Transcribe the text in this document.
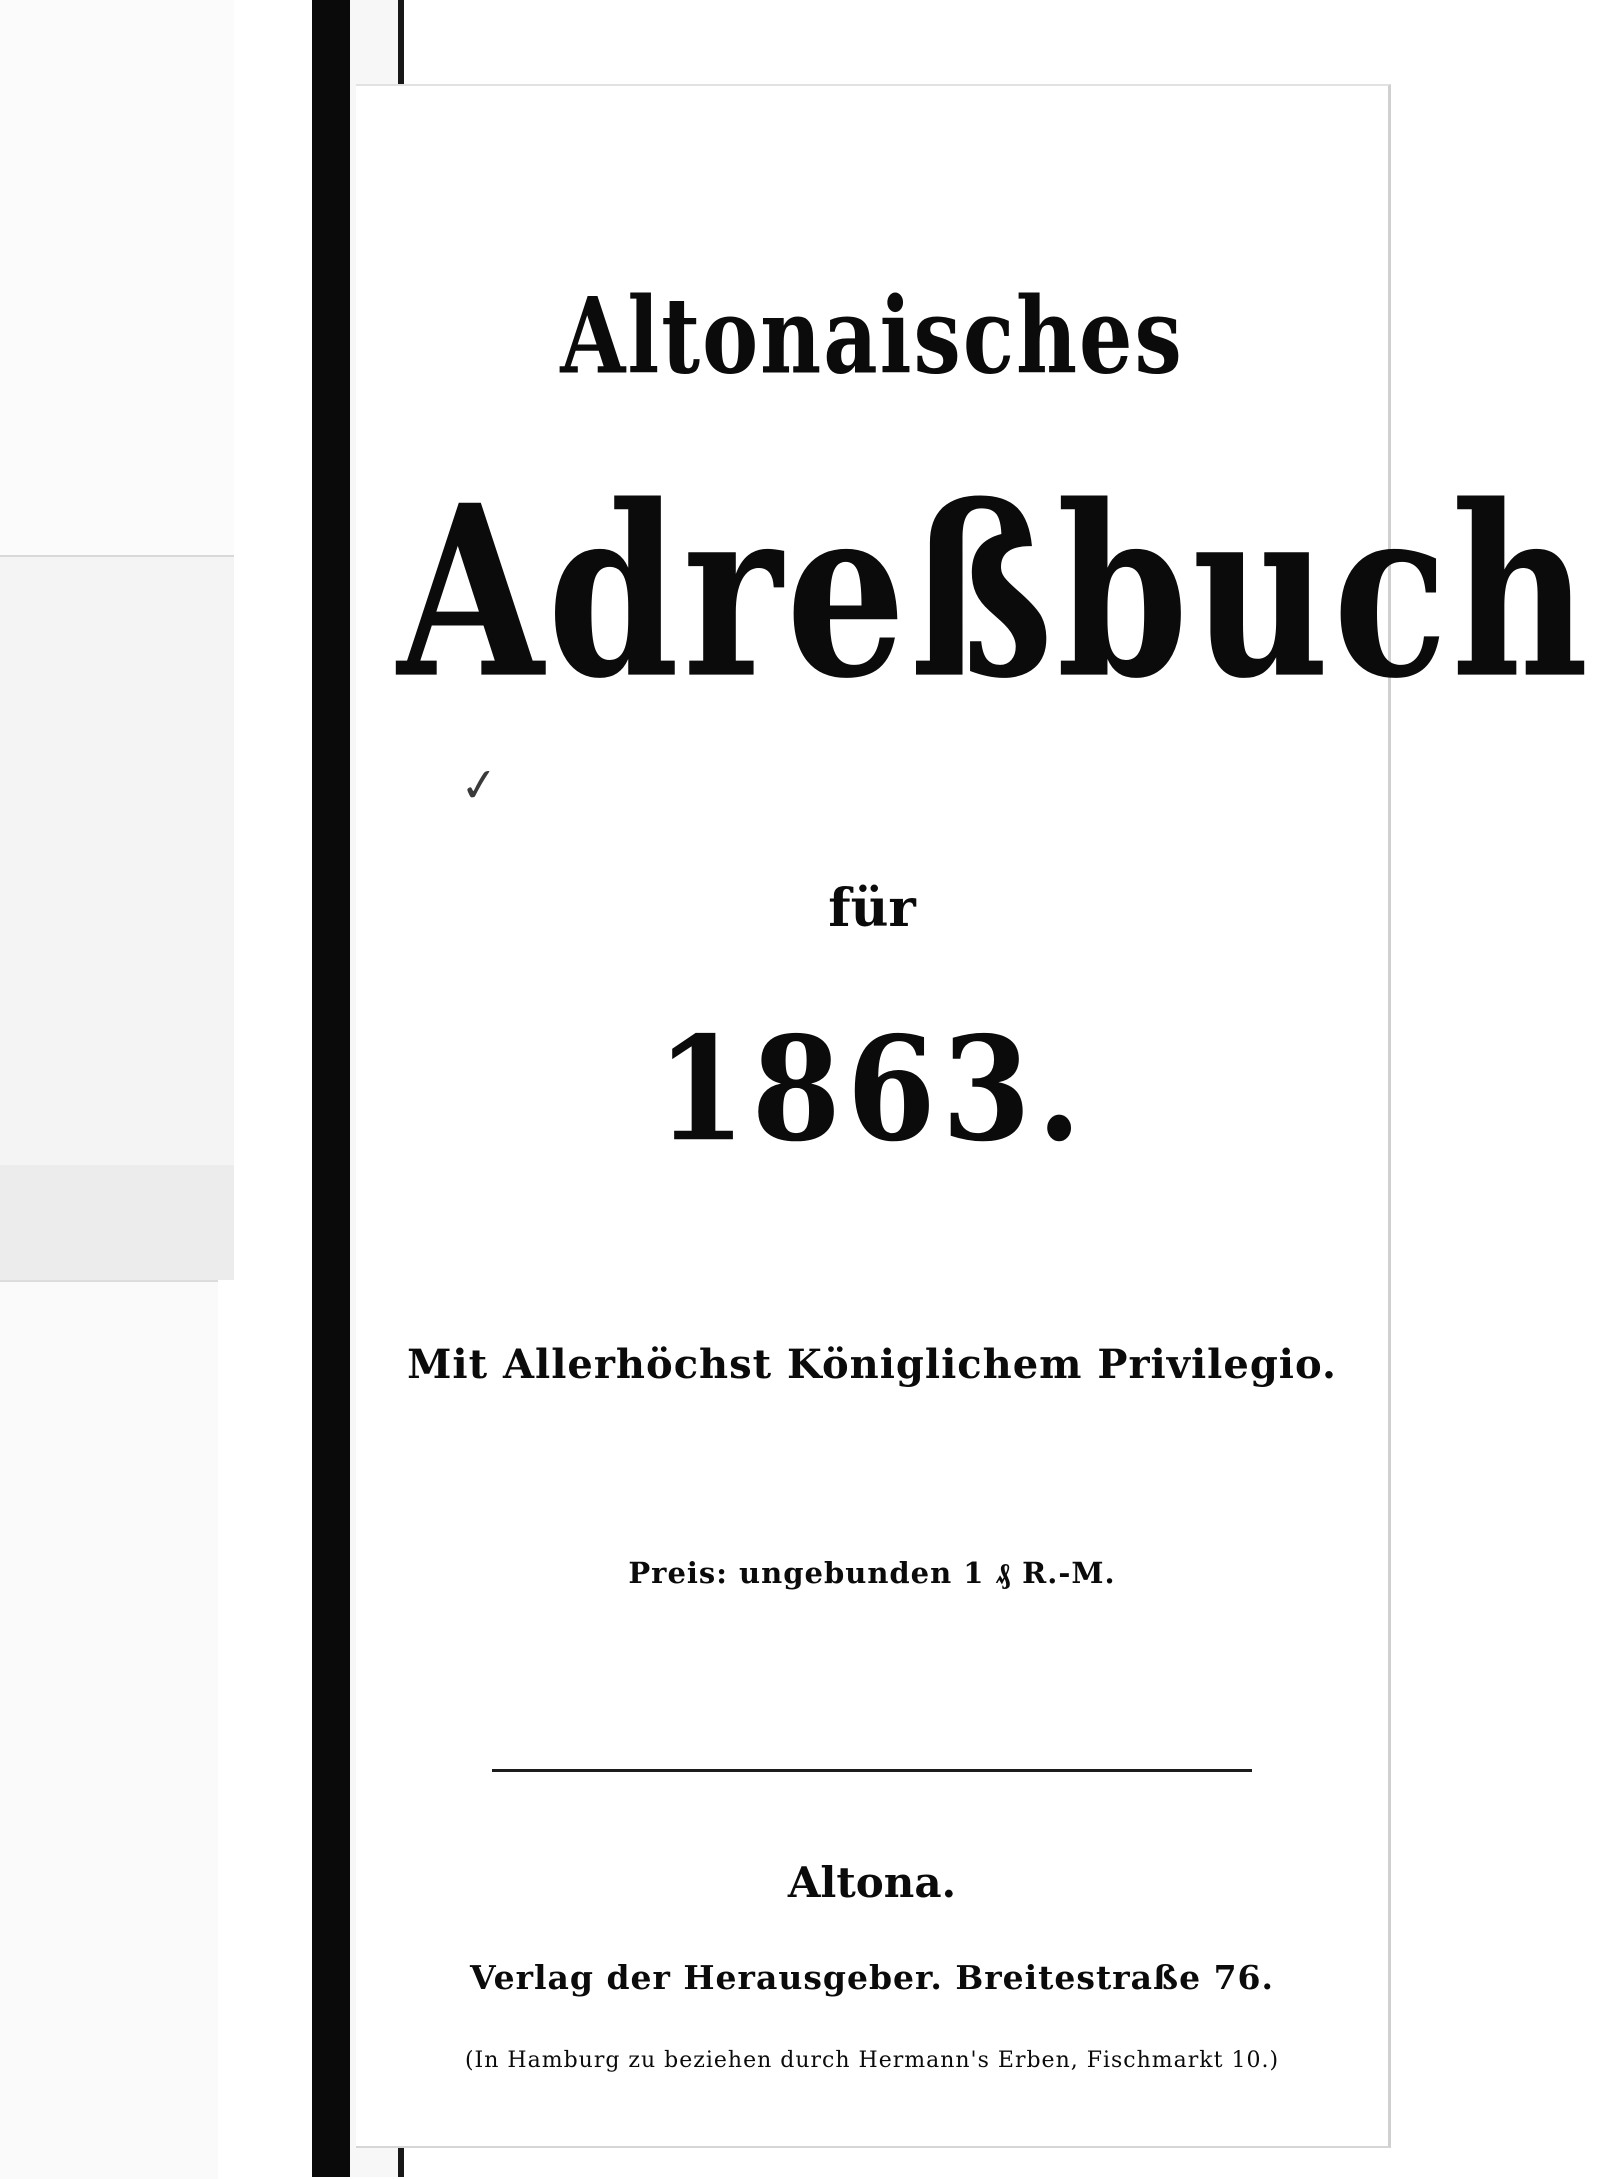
Altonaisches
Adreßbuch
✓
für
1863.
Mit Allerhöchst Königlichem Privilegio.
Preis: ungebunden 1 ₰ R.-M.
Altona.
Verlag der Herausgeber. Breitestraße 76.
(In Hamburg zu beziehen durch Hermann's Erben, Fischmarkt 10.)
